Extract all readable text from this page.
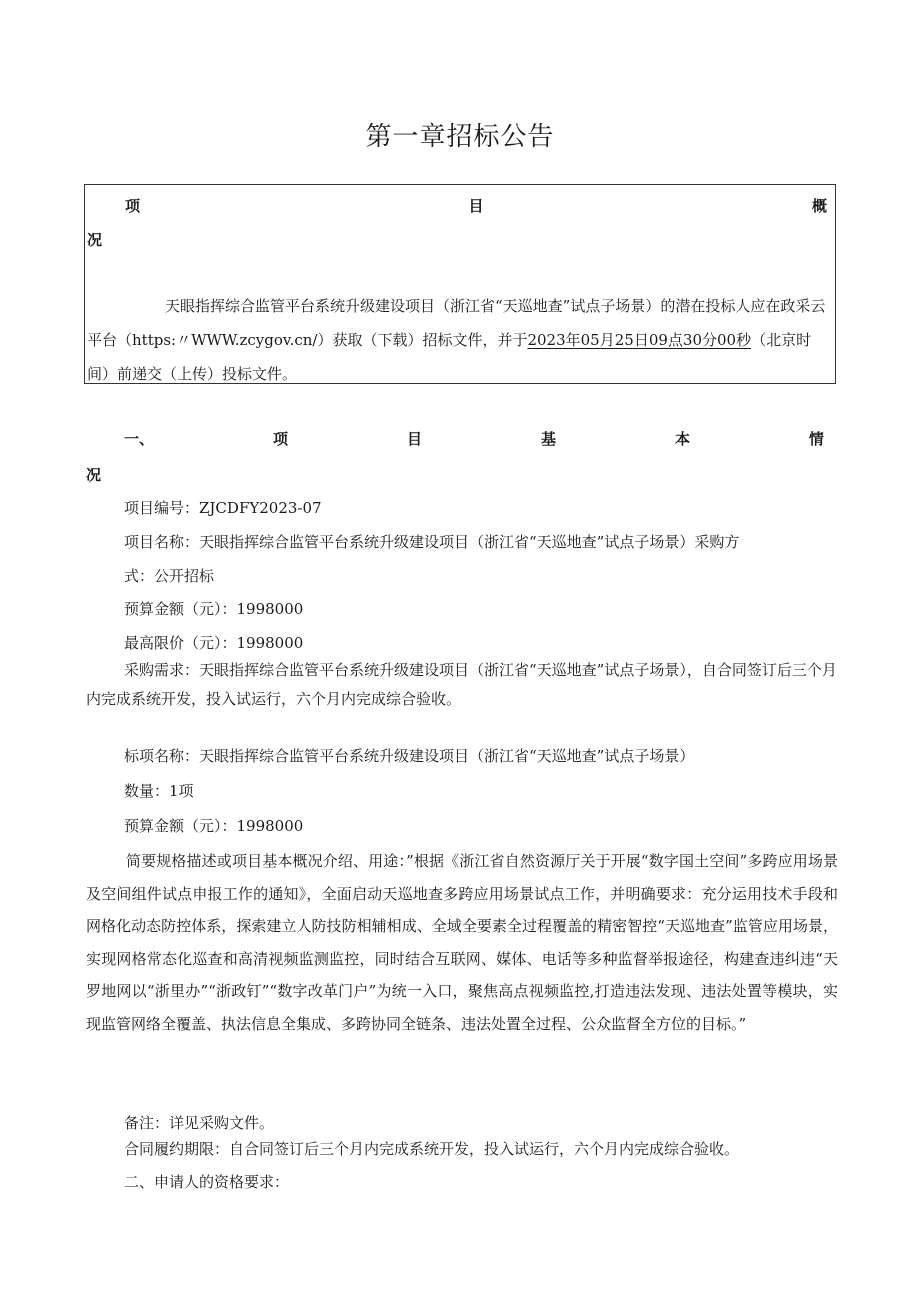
第一章招标公告
项	目	概
况
天眼指挥综合监管平台系统升级建设项目（浙江省“天巡地查”试点子场景）的潜在投标人应在政采云平台（https:〃WWW.zcygov.cn/）获取（下载）招标文件，并于2023年05月25日09点30分00秒（北京时间）前递交（上传）投标文件。
一、	项	目	基	本	情
况
项目编号：ZJCDFY2023-07
项目名称：天眼指挥综合监管平台系统升级建设项目（浙江省“天巡地查”试点子场景）采购方
式：公开招标
预算金额（元）：1998000
最高限价（元）：1998000
采购需求：天眼指挥综合监管平台系统升级建设项目（浙江省“天巡地查”试点子场景），自合同签订后三个月内完成系统开发，投入试运行，六个月内完成综合验收。
标项名称：天眼指挥综合监管平台系统升级建设项目（浙江省“天巡地查”试点子场景）
数量：1项
预算金额（元）：1998000
简要规格描述或项目基本概况介绍、用途：”根据《浙江省自然资源厅关于开展“数字国土空间”多跨应用场景及空间组件试点申报工作的通知》，全面启动天巡地查多跨应用场景试点工作，并明确要求：充分运用技术手段和网格化动态防控体系，探索建立人防技防相辅相成、全域全要素全过程覆盖的精密智控“天巡地查”监管应用场景，实现网格常态化巡查和高清视频监测监控，同时结合互联网、媒体、电话等多种监督举报途径，构建查违纠违“天罗地网以“浙里办”“浙政钉”“数字改革门户”为统一入口，聚焦高点视频监控,打造违法发现、违法处置等模块，实现监管网络全覆盖、执法信息全集成、多跨协同全链条、违法处置全过程、公众监督全方位的目标。”
备注：详见采购文件。
合同履约期限：自合同签订后三个月内完成系统开发，投入试运行，六个月内完成综合验收。
二、申请人的资格要求：
